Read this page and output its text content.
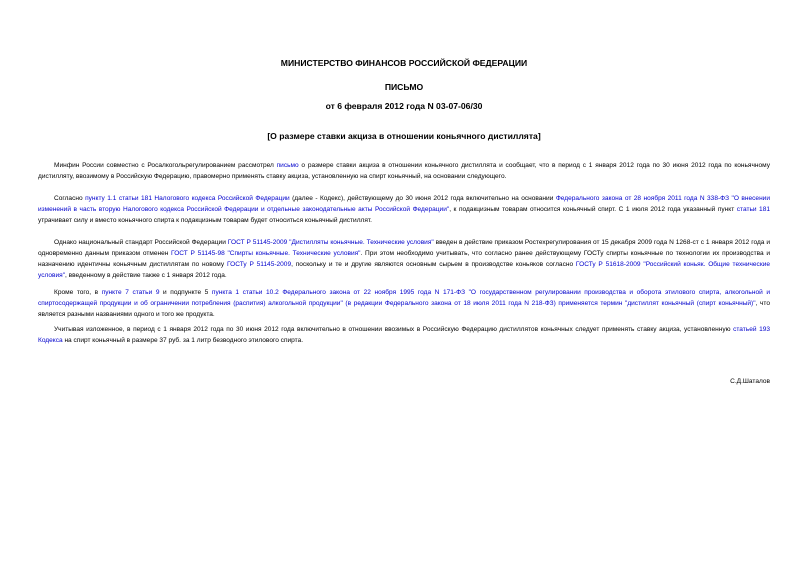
МИНИСТЕРСТВО ФИНАНСОВ РОССИЙСКОЙ ФЕДЕРАЦИИ
ПИСЬМО
от 6 февраля 2012 года N 03-07-06/30
[О размере ставки акциза в отношении коньячного дистиллята]
Минфин России совместно с Росалкогольрегулированием рассмотрел письмо о размере ставки акциза в отношении коньячного дистиллята и сообщает, что в период с 1 января 2012 года по 30 июня 2012 года по коньячному дистилляту, ввозимому в Российскую Федерацию, правомерно применять ставку акциза, установленную на спирт коньячный, на основании следующего.
Согласно пункту 1.1 статьи 181 Налогового кодекса Российской Федерации (далее - Кодекс), действующему до 30 июня 2012 года включительно на основании Федерального закона от 28 ноября 2011 года N 338-ФЗ "О внесении изменений в часть вторую Налогового кодекса Российской Федерации и отдельные законодательные акты Российской Федерации", к подакцизным товарам относится коньячный спирт. С 1 июля 2012 года указанный пункт статьи 181 утрачивает силу и вместо коньячного спирта к подакцизным товарам будет относиться коньячный дистиллят.
Однако национальный стандарт Российской Федерации ГОСТ Р 51145-2009 "Дистилляты коньячные. Технические условия" введен в действие приказом Ростехрегулирования от 15 декабря 2009 года N 1268-ст с 1 января 2012 года и одновременно данным приказом отменен ГОСТ Р 51145-98 "Спирты коньячные. Технические условия". При этом необходимо учитывать, что согласно ранее действующему ГОСТу спирты коньячные по технологии их производства и назначению идентичны коньячным дистиллятам по новому ГОСТу Р 51145-2009, поскольку и те и другие являются основным сырьем в производстве коньяков согласно ГОСТу Р 51618-2009 "Российский коньяк. Общие технические условия", введенному в действие также с 1 января 2012 года.
Кроме того, в пункте 7 статьи 9 и подпункте 5 пункта 1 статьи 10.2 Федерального закона от 22 ноября 1995 года N 171-ФЗ "О государственном регулировании производства и оборота этилового спирта, алкогольной и спиртосодержащей продукции и об ограничении потребления (распития) алкогольной продукции" (в редакции Федерального закона от 18 июля 2011 года N 218-ФЗ) применяется термин "дистиллят коньячный (спирт коньячный)", что является разными названиями одного и того же продукта.
Учитывая изложенное, в период с 1 января 2012 года по 30 июня 2012 года включительно в отношении ввозимых в Российскую Федерацию дистиллятов коньячных следует применять ставку акциза, установленную статьей 193 Кодекса на спирт коньячный в размере 37 руб. за 1 литр безводного этилового спирта.
С.Д.Шаталов
